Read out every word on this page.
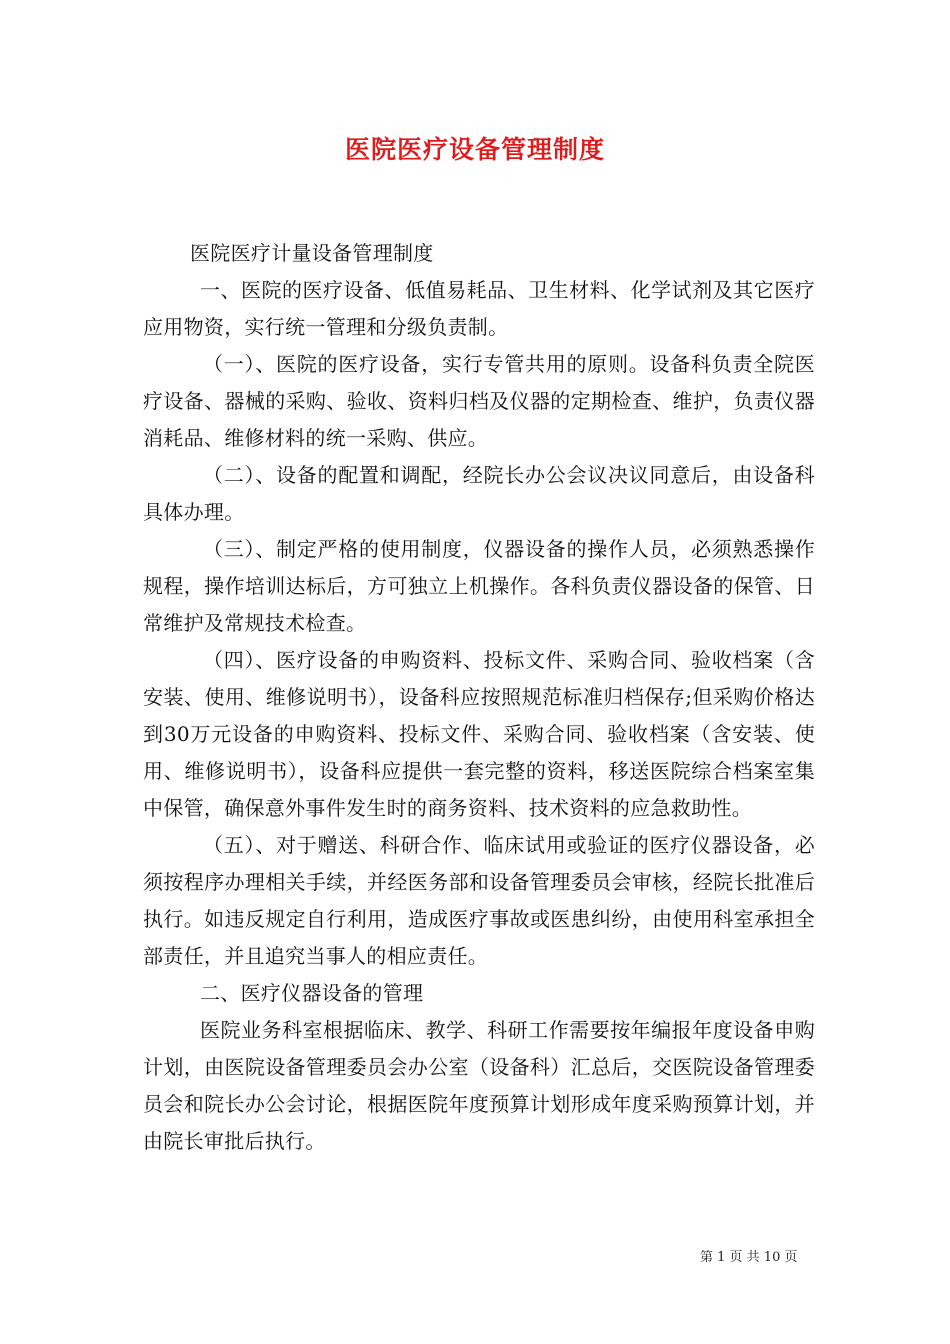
医院医疗设备管理制度

医院医疗计量设备管理制度

一、医院的医疗设备、低值易耗品、卫生材料、化学试剂及其它医疗应用物资，实行统一管理和分级负责制。

（一）、医院的医疗设备，实行专管共用的原则。设备科负责全院医疗设备、器械的采购、验收、资料归档及仪器的定期检查、维护，负责仪器消耗品、维修材料的统一采购、供应。

（二）、设备的配置和调配，经院长办公会议决议同意后，由设备科具体办理。

（三）、制定严格的使用制度，仪器设备的操作人员，必须熟悉操作规程，操作培训达标后，方可独立上机操作。各科负责仪器设备的保管、日常维护及常规技术检查。

（四）、医疗设备的申购资料、投标文件、采购合同、验收档案（含安装、使用、维修说明书），设备科应按照规范标准归档保存;但采购价格达到30万元设备的申购资料、投标文件、采购合同、验收档案（含安装、使用、维修说明书），设备科应提供一套完整的资料，移送医院综合档案室集中保管，确保意外事件发生时的商务资料、技术资料的应急救助性。

（五）、对于赠送、科研合作、临床试用或验证的医疗仪器设备，必须按程序办理相关手续，并经医务部和设备管理委员会审核，经院长批准后执行。如违反规定自行利用，造成医疗事故或医患纠纷，由使用科室承担全部责任，并且追究当事人的相应责任。

二、医疗仪器设备的管理

医院业务科室根据临床、教学、科研工作需要按年编报年度设备申购计划，由医院设备管理委员会办公室（设备科）汇总后，交医院设备管理委员会和院长办公会讨论，根据医院年度预算计划形成年度采购预算计划，并由院长审批后执行。

第 1 页 共 10 页
